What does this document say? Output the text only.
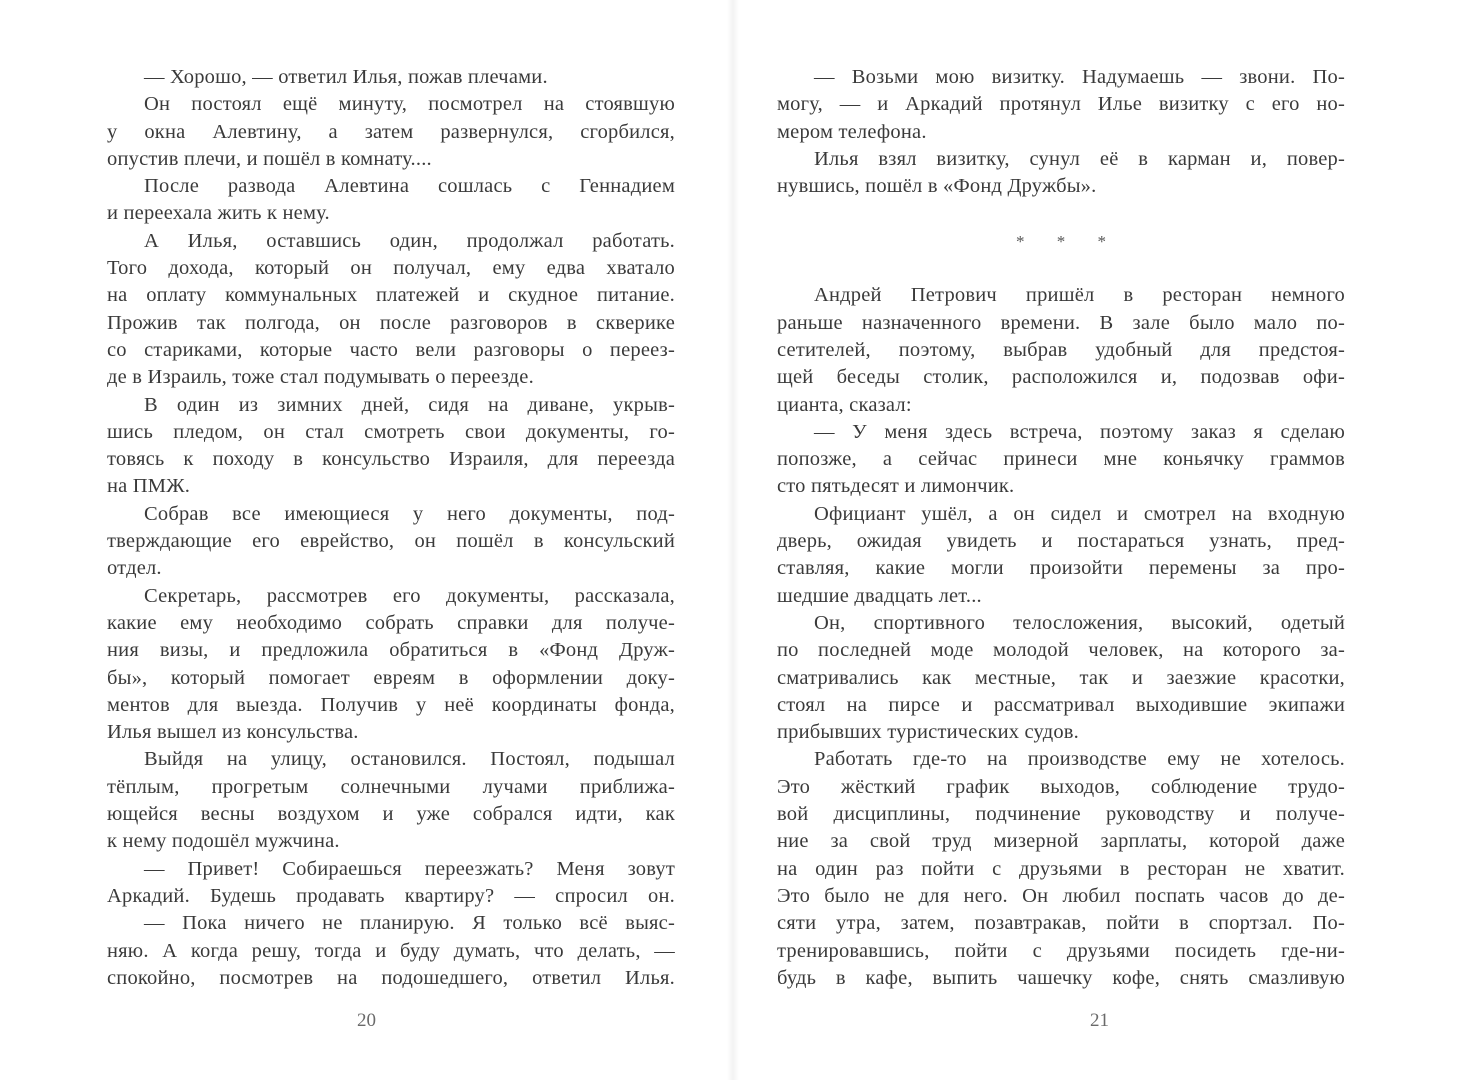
— Хорошо, — ответил Илья, пожав плечами.
Он постоял ещё минуту, посмотрел на стоявшую
у окна Алевтину, а затем развернулся, сгорбился,
опустив плечи, и пошёл в комнату....
После развода Алевтина сошлась с Геннадием
и переехала жить к нему.
А Илья, оставшись один, продолжал работать.
Того дохода, который он получал, ему едва хватало
на оплату коммунальных платежей и скудное питание.
Прожив так полгода, он после разговоров в скверике
со стариками, которые часто вели разговоры о переез-
де в Израиль, тоже стал подумывать о переезде.
В один из зимних дней, сидя на диване, укрыв-
шись пледом, он стал смотреть свои документы, го-
товясь к походу в консульство Израиля, для переезда
на ПМЖ.
Собрав все имеющиеся у него документы, под-
тверждающие его еврейство, он пошёл в консульский
отдел.
Секретарь, рассмотрев его документы, рассказала,
какие ему необходимо собрать справки для получе-
ния визы, и предложила обратиться в «Фонд Друж-
бы», который помогает евреям в оформлении доку-
ментов для выезда. Получив у неё координаты фонда,
Илья вышел из консульства.
Выйдя на улицу, остановился. Постоял, подышал
тёплым, прогретым солнечными лучами приближа-
ющейся весны воздухом и уже собрался идти, как
к нему подошёл мужчина.
— Привет! Собираешься переезжать? Меня зовут
Аркадий. Будешь продавать квартиру? — спросил он.
— Пока ничего не планирую. Я только всё выяс-
няю. А когда решу, тогда и буду думать, что делать, —
спокойно, посмотрев на подошедшего, ответил Илья.
20
— Возьми мою визитку. Надумаешь — звони. По-
могу, — и Аркадий протянул Илье визитку с его но-
мером телефона.
Илья взял визитку, сунул её в карман и, повер-
нувшись, пошёл в «Фонд Дружбы».
* * *
Андрей Петрович пришёл в ресторан немного
раньше назначенного времени. В зале было мало по-
сетителей, поэтому, выбрав удобный для предстоя-
щей беседы столик, расположился и, подозвав офи-
цианта, сказал:
— У меня здесь встреча, поэтому заказ я сделаю
попозже, а сейчас принеси мне коньячку граммов
сто пятьдесят и лимончик.
Официант ушёл, а он сидел и смотрел на входную
дверь, ожидая увидеть и постараться узнать, пред-
ставляя, какие могли произойти перемены за про-
шедшие двадцать лет...
Он, спортивного телосложения, высокий, одетый
по последней моде молодой человек, на которого за-
сматривались как местные, так и заезжие красотки,
стоял на пирсе и рассматривал выходившие экипажи
прибывших туристических судов.
Работать где-то на производстве ему не хотелось.
Это жёсткий график выходов, соблюдение трудо-
вой дисциплины, подчинение руководству и получе-
ние за свой труд мизерной зарплаты, которой даже
на один раз пойти с друзьями в ресторан не хватит.
Это было не для него. Он любил поспать часов до де-
сяти утра, затем, позавтракав, пойти в спортзал. По-
тренировавшись, пойти с друзьями посидеть где-ни-
будь в кафе, выпить чашечку кофе, снять смазливую
21
